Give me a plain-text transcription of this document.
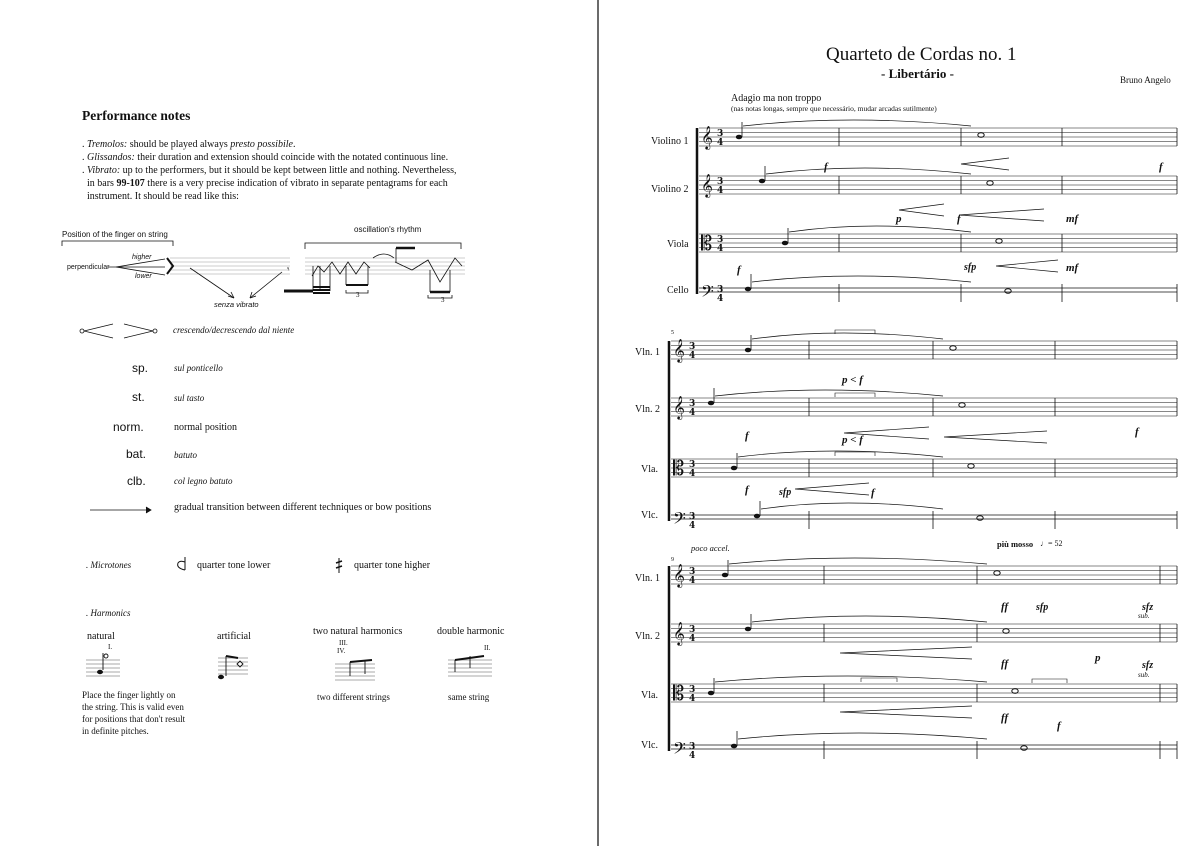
Performance notes
. Tremolos: should be played always presto possibile.
. Glissandos: their duration and extension should coincide with the notated continuous line.
. Vibrato: up to the performers, but it should be kept between little and nothing. Nevertheless,
in bars 99-107 there is a very precise indication of vibrato in separate pentagrams for each
instrument. It should be read like this:
Position of the finger on string
perpendicular
higher
lower
senza vibrato
oscillation's rhythm
3
3
𝄾
crescendo/decrescendo dal niente
sp.	sul ponticello
st.	sul tasto
norm.	normal position
bat.	batuto
clb.	col legno batuto
gradual transition between different techniques or bow positions
. Microtones	quarter tone lower	quarter tone higher
. Harmonics
natural
I.
artificial	two natural harmonics
III.
IV.
double harmonic
II.
two different strings	same string
Place the finger lightly on
the string. This is valid even
for positions that don't result
in definite pitches.
Quarteto de Cordas no. 1
- Libertário -	Bruno Angelo
Adagio ma non troppo
(nas notas longas, sempre que necessário, mudar arcadas sutilmente)
Violino 1
Violino 2
Viola
Cello
Vln. 1
Vln. 2
Vla.
Vlc.
Vln. 1
Vln. 2
Vla.
Vlc.
5
9
poco accel.	più mosso ♩= 52
f	f
p	f	mf
f	sfp	mf
p < f
p < f
f	f
f	sfp	f
ff	sfp	sfz
sub.
ff	p
sfz
sub.
ff
f
𝄞 3
4
𝄞 3
4
𝄡 3
4
𝄢 3
4
𝄞 3
4
𝄞 3
4
𝄡 3
4
𝄢 3
4
𝄞 3
4
𝄞 3
4
𝄡 3
4
𝄢 3
4
